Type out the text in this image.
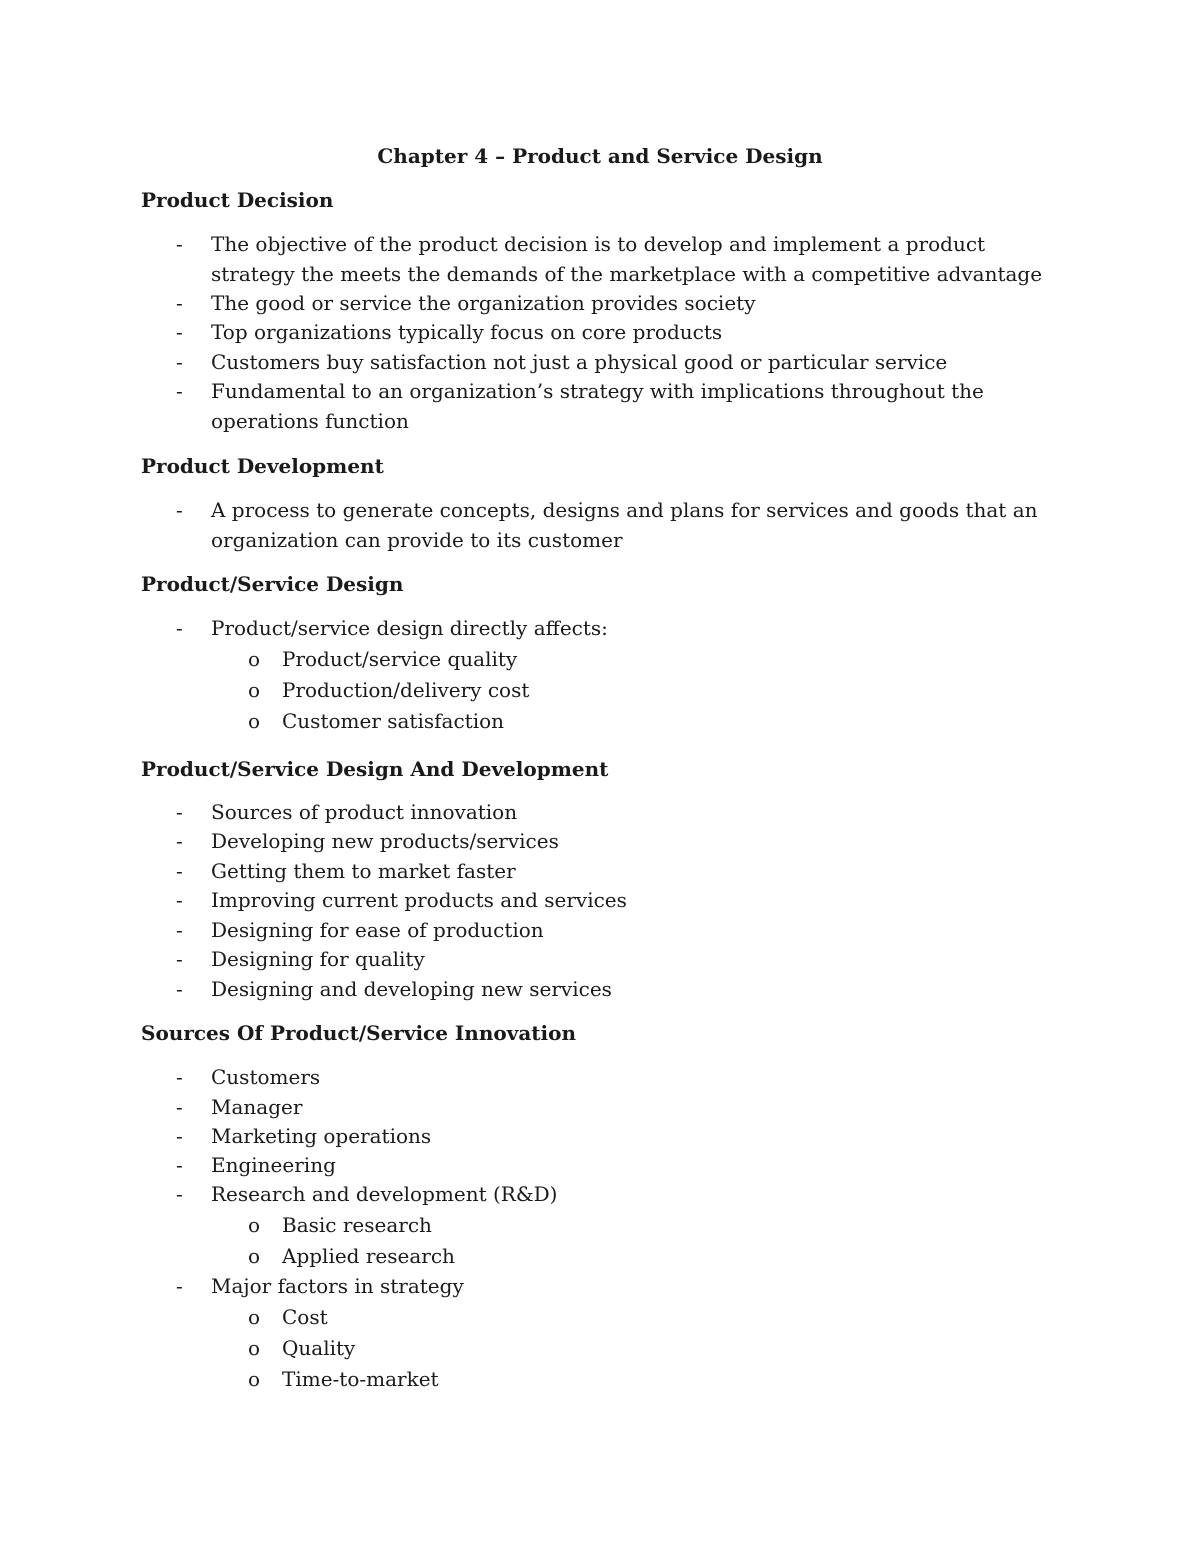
Chapter 4 – Product and Service Design
Product Decision
- The objective of the product decision is to develop and implement a product strategy the meets the demands of the marketplace with a competitive advantage
- The good or service the organization provides society
- Top organizations typically focus on core products
- Customers buy satisfaction not just a physical good or particular service
- Fundamental to an organization’s strategy with implications throughout the operations function
Product Development
- A process to generate concepts, designs and plans for services and goods that an organization can provide to its customer
Product/Service Design
- Product/service design directly affects:
o Product/service quality
o Production/delivery cost
o Customer satisfaction
Product/Service Design And Development
- Sources of product innovation
- Developing new products/services
- Getting them to market faster
- Improving current products and services
- Designing for ease of production
- Designing for quality
- Designing and developing new services
Sources Of Product/Service Innovation
- Customers
- Manager
- Marketing operations
- Engineering
- Research and development (R&D)
o Basic research
o Applied research
- Major factors in strategy
o Cost
o Quality
o Time-to-market
